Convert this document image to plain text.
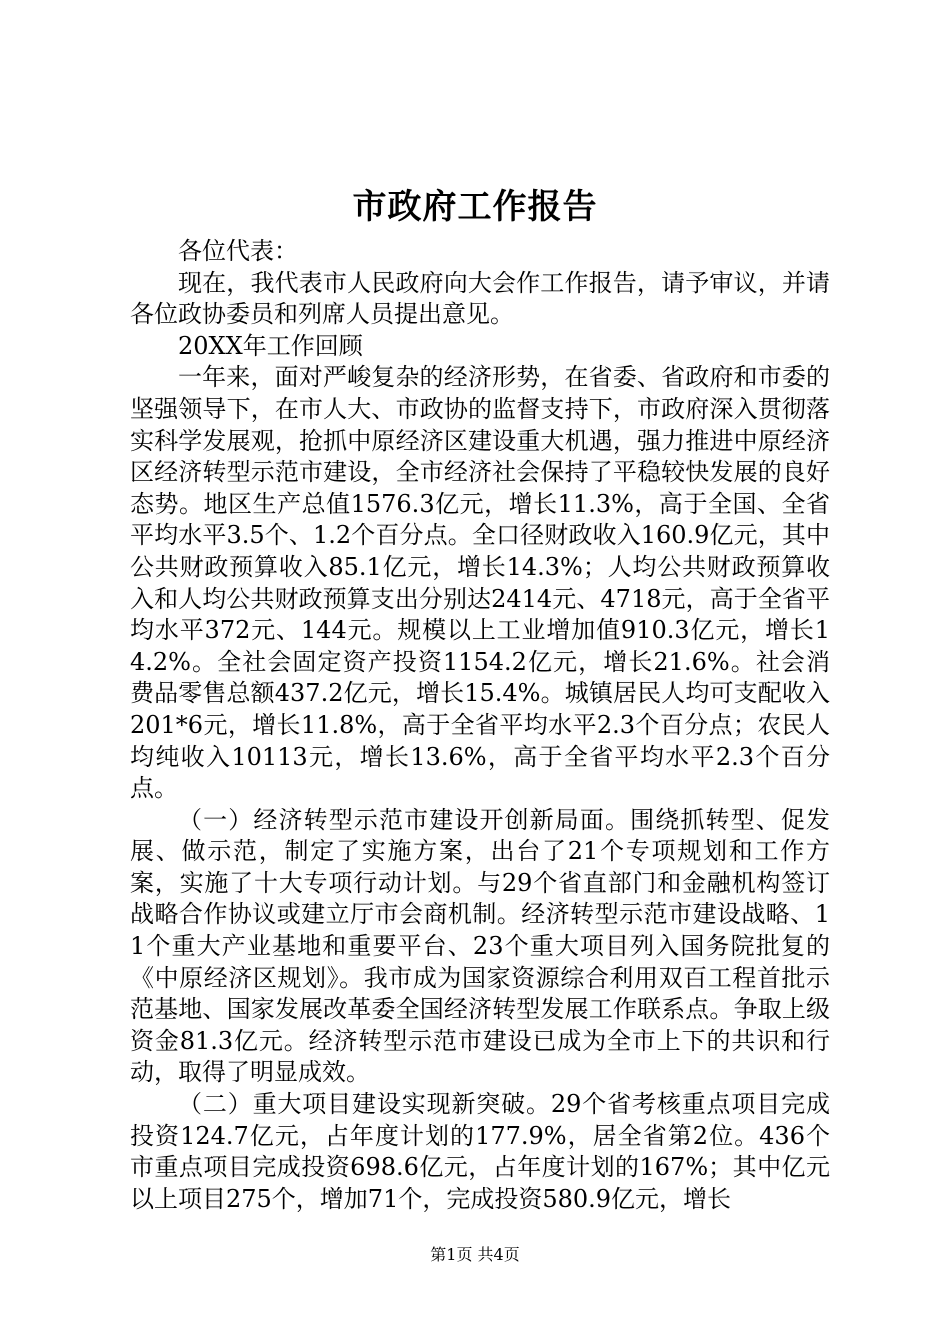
市政府工作报告

各位代表：

现在，我代表市人民政府向大会作工作报告，请予审议，并请各位政协委员和列席人员提出意见。

20XX年工作回顾

一年来，面对严峻复杂的经济形势，在省委、省政府和市委的坚强领导下，在市人大、市政协的监督支持下，市政府深入贯彻落实科学发展观，抢抓中原经济区建设重大机遇，强力推进中原经济区经济转型示范市建设，全市经济社会保持了平稳较快发展的良好态势。地区生产总值1576.3亿元，增长11.3%，高于全国、全省平均水平3.5个、1.2个百分点。全口径财政收入160.9亿元，其中公共财政预算收入85.1亿元，增长14.3%；人均公共财政预算收入和人均公共财政预算支出分别达2414元、4718元，高于全省平均水平372元、144元。规模以上工业增加值910.3亿元，增长14.2%。全社会固定资产投资1154.2亿元，增长21.6%。社会消费品零售总额437.2亿元，增长15.4%。城镇居民人均可支配收入201*6元，增长11.8%，高于全省平均水平2.3个百分点；农民人均纯收入10113元，增长13.6%，高于全省平均水平2.3个百分点。

（一）经济转型示范市建设开创新局面。围绕抓转型、促发展、做示范，制定了实施方案，出台了21个专项规划和工作方案，实施了十大专项行动计划。与29个省直部门和金融机构签订战略合作协议或建立厅市会商机制。经济转型示范市建设战略、11个重大产业基地和重要平台、23个重大项目列入国务院批复的《中原经济区规划》。我市成为国家资源综合利用双百工程首批示范基地、国家发展改革委全国经济转型发展工作联系点。争取上级资金81.3亿元。经济转型示范市建设已成为全市上下的共识和行动，取得了明显成效。

（二）重大项目建设实现新突破。29个省考核重点项目完成投资124.7亿元，占年度计划的177.9%，居全省第2位。436个市重点项目完成投资698.6亿元，占年度计划的167%；其中亿元以上项目275个，增加71个，完成投资580.9亿元，增长

第1页 共4页
